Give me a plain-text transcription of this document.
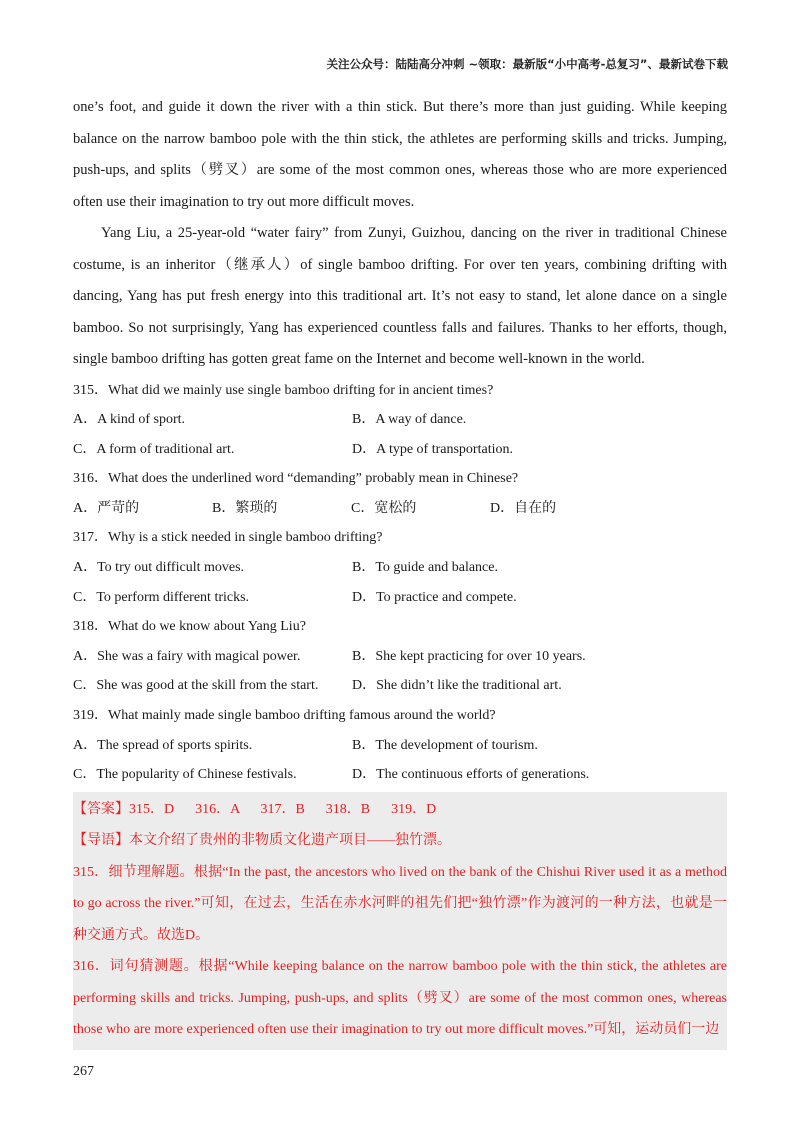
关注公众号：陆陆高分冲刺 ~领取：最新版“小中高考-总复习”、最新试卷下载

one’s foot, and guide it down the river with a thin stick. But there’s more than just guiding. While keeping balance on the narrow bamboo pole with the thin stick, the athletes are performing skills and tricks. Jumping, push-ups, and splits（劈叉）are some of the most common ones, whereas those who are more experienced often use their imagination to try out more difficult moves.

Yang Liu, a 25-year-old “water fairy” from Zunyi, Guizhou, dancing on the river in traditional Chinese costume, is an inheritor（继承人）of single bamboo drifting. For over ten years, combining drifting with dancing, Yang has put fresh energy into this traditional art. It’s not easy to stand, let alone dance on a single bamboo. So not surprisingly, Yang has experienced countless falls and failures. Thanks to her efforts, though, single bamboo drifting has gotten great fame on the Internet and become well-known in the world.

315．What did we mainly use single bamboo drifting for in ancient times?

A．A kind of sport.	B．A way of dance.
C．A form of traditional art.	D．A type of transportation.

316．What does the underlined word “demanding” probably mean in Chinese?

A．严苛的	B．繁琐的	C．宽松的	D．自在的

317．Why is a stick needed in single bamboo drifting?

A．To try out difficult moves.	B．To guide and balance.
C．To perform different tricks.	D．To practice and compete.

318．What do we know about Yang Liu?

A．She was a fairy with magical power.	B．She kept practicing for over 10 years.
C．She was good at the skill from the start.	D．She didn’t like the traditional art.

319．What mainly made single bamboo drifting famous around the world?

A．The spread of sports spirits.	B．The development of tourism.
C．The popularity of Chinese festivals.	D．The continuous efforts of generations.

【答案】315．D      316．A      317．B      318．B      319．D

【导语】本文介绍了贵州的非物质文化遗产项目——独竹漂。

315．细节理解题。根据“In the past, the ancestors who lived on the bank of the Chishui River used it as a method to go across the river.”可知，在过去，生活在赤水河畔的祖先们把“独竹漂”作为渡河的一种方法，也就是一种交通方式。故选D。

316．词句猜测题。根据“While keeping balance on the narrow bamboo pole with the thin stick, the athletes are performing skills and tricks. Jumping, push-ups, and splits（劈叉）are some of the most common ones, whereas those who are more experienced often use their imagination to try out more difficult moves.”可知，运动员们一边

267
